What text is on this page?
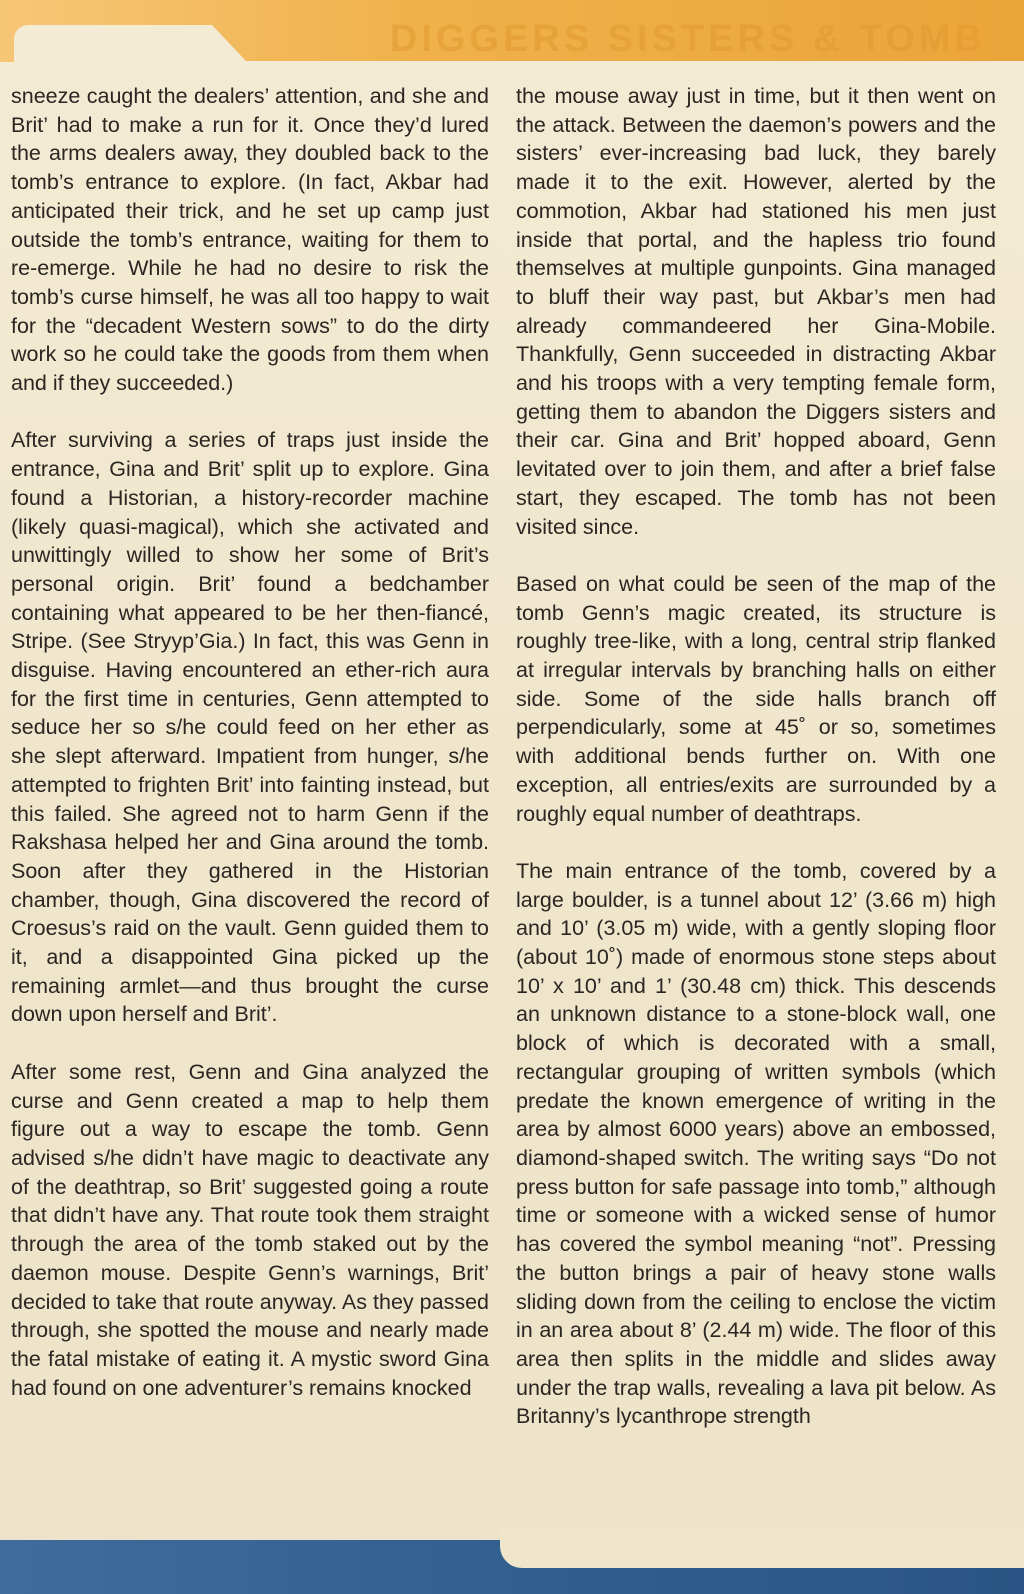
DIGGERS SISTERS & TOMB

sneeze caught the dealers’ attention, and she and Brit’ had to make a run for it. Once they’d lured the arms dealers away, they doubled back to the tomb’s entrance to explore. (In fact, Akbar had anticipated their trick, and he set up camp just outside the tomb’s entrance, waiting for them to re-emerge. While he had no desire to risk the tomb’s curse himself, he was all too happy to wait for the “decadent Western sows” to do the dirty work so he could take the goods from them when and if they succeeded.)

After surviving a series of traps just inside the entrance, Gina and Brit’ split up to explore. Gina found a Historian, a history-recorder machine (likely quasi-magical), which she activated and unwittingly willed to show her some of Brit’s personal origin. Brit’ found a bedchamber containing what appeared to be her then-fiancé, Stripe. (See Stryyp’Gia.) In fact, this was Genn in disguise. Having encountered an ether-rich aura for the first time in centuries, Genn attempted to seduce her so s/he could feed on her ether as she slept afterward. Impatient from hunger, s/he attempted to frighten Brit’ into fainting instead, but this failed. She agreed not to harm Genn if the Rakshasa helped her and Gina around the tomb. Soon after they gathered in the Historian chamber, though, Gina discovered the record of Croesus’s raid on the vault. Genn guided them to it, and a disappointed Gina picked up the remaining armlet—and thus brought the curse down upon herself and Brit’.

After some rest, Genn and Gina analyzed the curse and Genn created a map to help them figure out a way to escape the tomb. Genn advised s/he didn’t have magic to deactivate any of the deathtrap, so Brit’ suggested going a route that didn’t have any. That route took them straight through the area of the tomb staked out by the daemon mouse. Despite Genn’s warnings, Brit’ decided to take that route anyway. As they passed through, she spotted the mouse and nearly made the fatal mistake of eating it. A mystic sword Gina had found on one adventurer’s remains knocked

the mouse away just in time, but it then went on the attack. Between the daemon’s powers and the sisters’ ever-increasing bad luck, they barely made it to the exit. However, alerted by the commotion, Akbar had stationed his men just inside that portal, and the hapless trio found themselves at multiple gunpoints. Gina managed to bluff their way past, but Akbar’s men had already commandeered her Gina-Mobile. Thankfully, Genn succeeded in distracting Akbar and his troops with a very tempting female form, getting them to abandon the Diggers sisters and their car. Gina and Brit’ hopped aboard, Genn levitated over to join them, and after a brief false start, they escaped. The tomb has not been visited since.

Based on what could be seen of the map of the tomb Genn’s magic created, its structure is roughly tree-like, with a long, central strip flanked at irregular intervals by branching halls on either side. Some of the side halls branch off perpendicularly, some at 45˚ or so, sometimes with additional bends further on. With one exception, all entries/exits are surrounded by a roughly equal number of deathtraps.

The main entrance of the tomb, covered by a large boulder, is a tunnel about 12’ (3.66 m) high and 10’ (3.05 m) wide, with a gently sloping floor (about 10˚) made of enormous stone steps about 10’ x 10’ and 1’ (30.48 cm) thick. This descends an unknown distance to a stone-block wall, one block of which is decorated with a small, rectangular grouping of written symbols (which predate the known emergence of writing in the area by almost 6000 years) above an embossed, diamond-shaped switch. The writing says “Do not press button for safe passage into tomb,” although time or someone with a wicked sense of humor has covered the symbol meaning “not”. Pressing the button brings a pair of heavy stone walls sliding down from the ceiling to enclose the victim in an area about 8’ (2.44 m) wide. The floor of this area then splits in the middle and slides away under the trap walls, revealing a lava pit below. As Britanny’s lycanthrope strength
